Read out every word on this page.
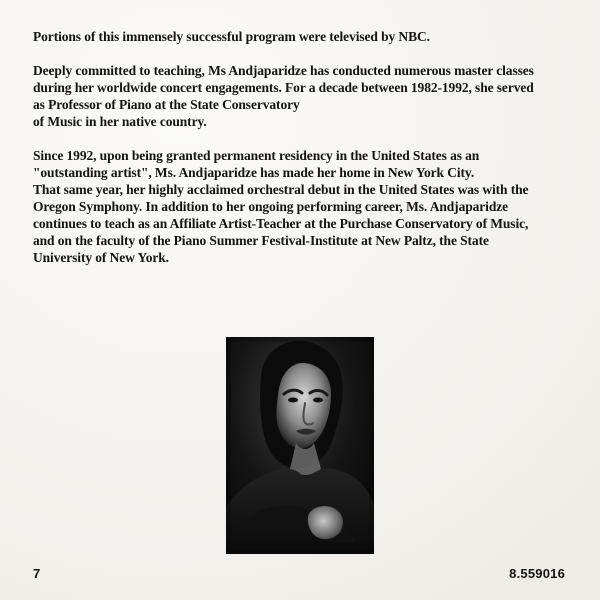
Portions of this immensely successful program were televised by NBC.

Deeply committed to teaching, Ms Andjaparidze has conducted numerous master classes
during her worldwide concert engagements. For a decade between 1982-1992, she served
as Professor of Piano at the State Conservatory
of Music in her native country.

Since 1992, upon being granted permanent residency in the United States as an
"outstanding artist", Ms. Andjaparidze has made her home in New York City.
That same year, her highly acclaimed orchestral debut in the United States was with the
Oregon Symphony. In addition to her ongoing performing career, Ms. Andjaparidze
continues to teach as an Affiliate Artist-Teacher at the Purchase Conservatory of Music,
and on the faculty of the Piano Summer Festival-Institute at New Paltz, the State
University of New York.

7	8.559016
